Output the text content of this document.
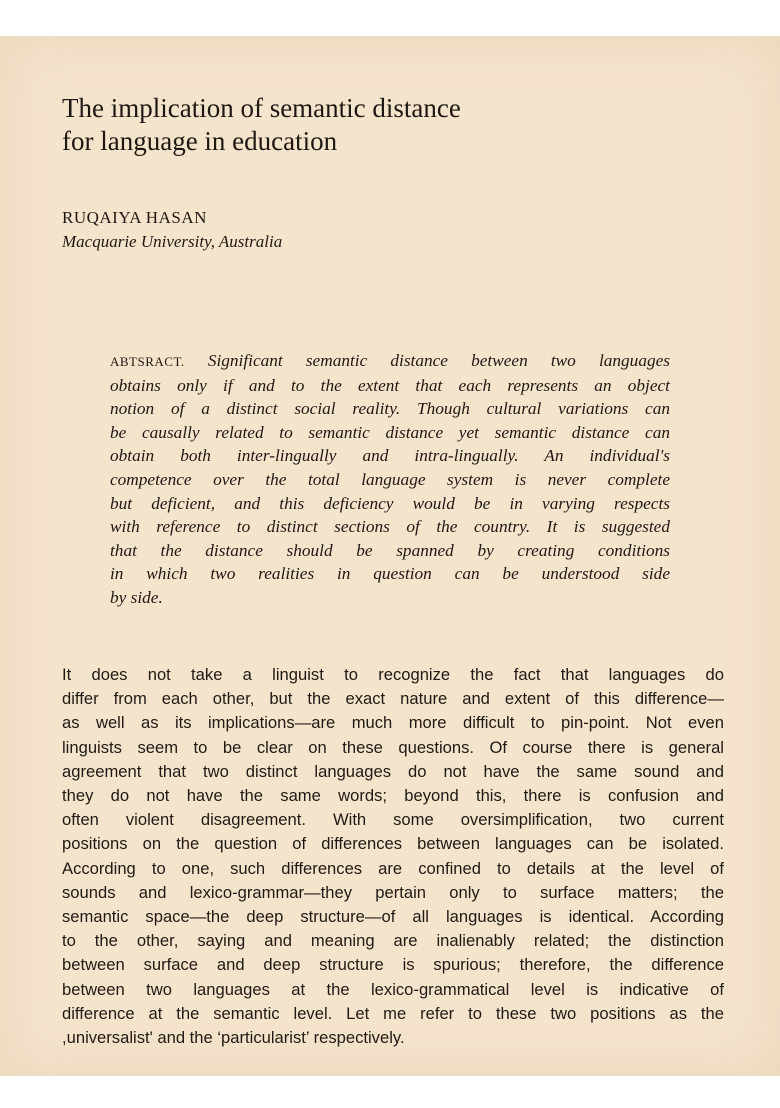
The implication of semantic distance
for language in education

RUQAIYA HASAN

Macquarie University, Australia

ABTSRACT. Significant semantic distance between two languages
obtains only if and to the extent that each represents an object
notion of a distinct social reality. Though cultural variations can
be causally related to semantic distance yet semantic distance can
obtain both inter-lingually and intra-lingually. An individual's
competence over the total language system is never complete
but deficient, and this deficiency would be in varying respects
with reference to distinct sections of the country. It is suggested
that the distance should be spanned by creating conditions
in which two realities in question can be understood side
by side.
It does not take a linguist to recognize the fact that languages do
differ from each other, but the exact nature and extent of this difference—
as well as its implications—are much more difficult to pin-point. Not even
linguists seem to be clear on these questions. Of course there is general
agreement that two distinct languages do not have the same sound and
they do not have the same words; beyond this, there is confusion and
often violent disagreement. With some oversimplification, two current
positions on the question of differences between languages can be isolated.
According to one, such differences are confined to details at the level of
sounds and lexico-grammar—they pertain only to surface matters; the
semantic space—the deep structure—of all languages is identical. According
to the other, saying and meaning are inalienably related; the distinction
between surface and deep structure is spurious; therefore, the difference
between two languages at the lexico-grammatical level is indicative of
difference at the semantic level. Let me refer to these two positions as the
,universalist' and the ‘particularist’ respectively.
